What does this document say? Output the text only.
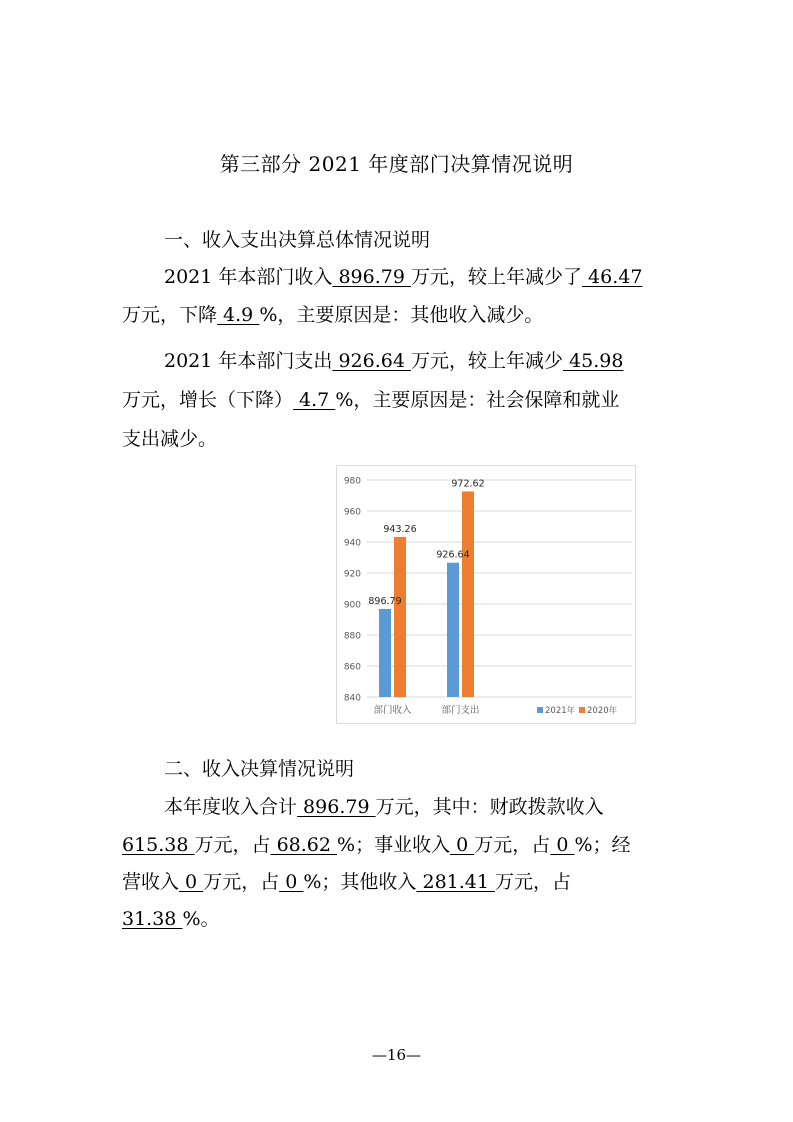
第三部分 2021 年度部门决算情况说明
一、收入支出决算总体情况说明
2021 年本部门收入 896.79 万元，较上年减少了 46.47
万元，下降 4.9 %，主要原因是：其他收入减少。
2021 年本部门支出 926.64 万元，较上年减少 45.98
万元，增长（下降） 4.7 %，主要原因是：社会保障和就业
支出减少。
840
860
880
900
920
940
960
980
896.79
926.64
943.26
972.62
部门收入	部门支出	2021年 2020年
二、收入决算情况说明
本年度收入合计 896.79 万元，其中：财政拨款收入
615.38 万元，占 68.62 %；事业收入 0 万元，占 0 %；经
营收入 0 万元，占 0 %；其他收入 281.41 万元，占
31.38 %。
—16—
